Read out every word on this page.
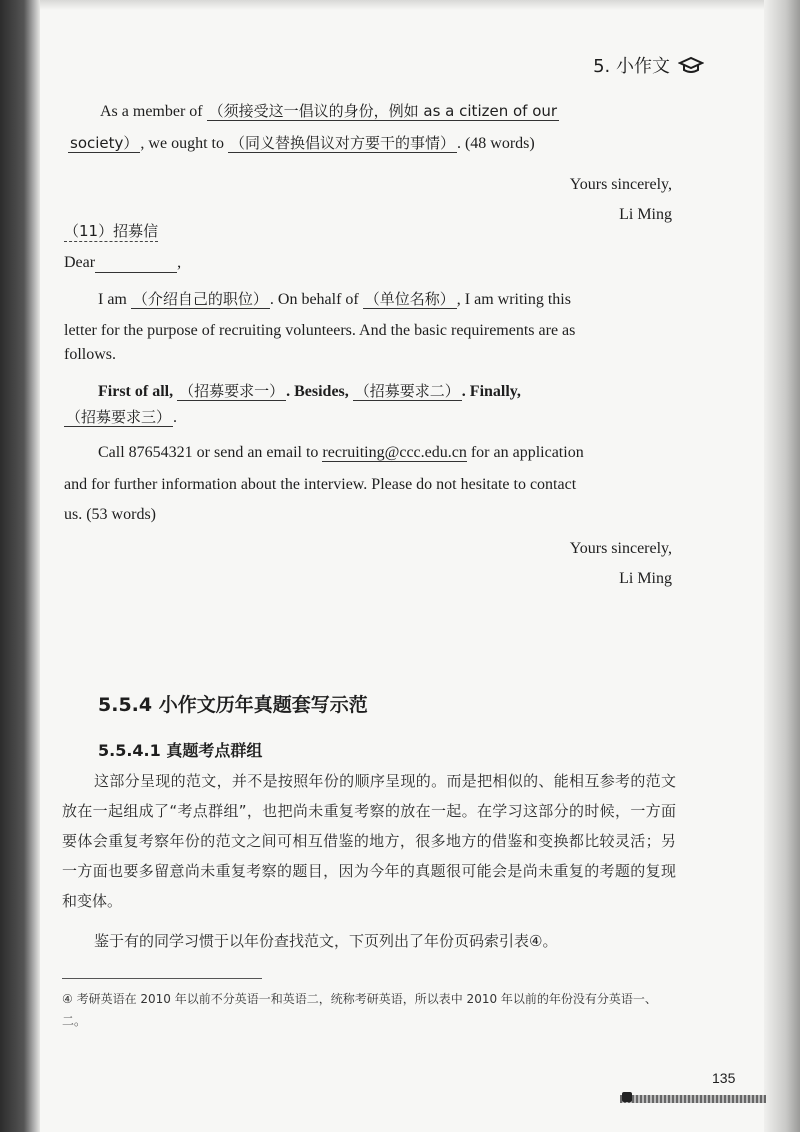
5. 小作文
As a member of （须接受这一倡议的身份，例如 as a citizen of our
society） , we ought to （同义替换倡议对方要干的事情） . (48 words)
Yours sincerely,
Li Ming
（11）招募信
Dear	,
I am （介绍自己的职位） . On behalf of （单位名称） , I am writing this
letter for the purpose of recruiting volunteers. And the basic requirements are as
follows.
First of all, （招募要求一） . Besides, （招募要求二） . Finally,
（招募要求三） .
Call 87654321 or send an email to recruiting@ccc.edu.cn for an application
and for further information about the interview. Please do not hesitate to contact
us. (53 words)
Yours sincerely,
Li Ming
5.5.4 小作文历年真题套写示范
5.5.4.1 真题考点群组
这部分呈现的范文，并不是按照年份的顺序呈现的。而是把相似的、能相互参考的范文放在一起组成了“考点群组”，也把尚未重复考察的放在一起。在学习这部分的时候，一方面要体会重复考察年份的范文之间可相互借鉴的地方，很多地方的借鉴和变换都比较灵活；另一方面也要多留意尚未重复考察的题目，因为今年的真题很可能会是尚未重复的考题的复现和变体。
鉴于有的同学习惯于以年份查找范文，下页列出了年份页码索引表④。
④ 考研英语在 2010 年以前不分英语一和英语二，统称考研英语，所以表中 2010 年以前的年份没有分英语一、二。
135
